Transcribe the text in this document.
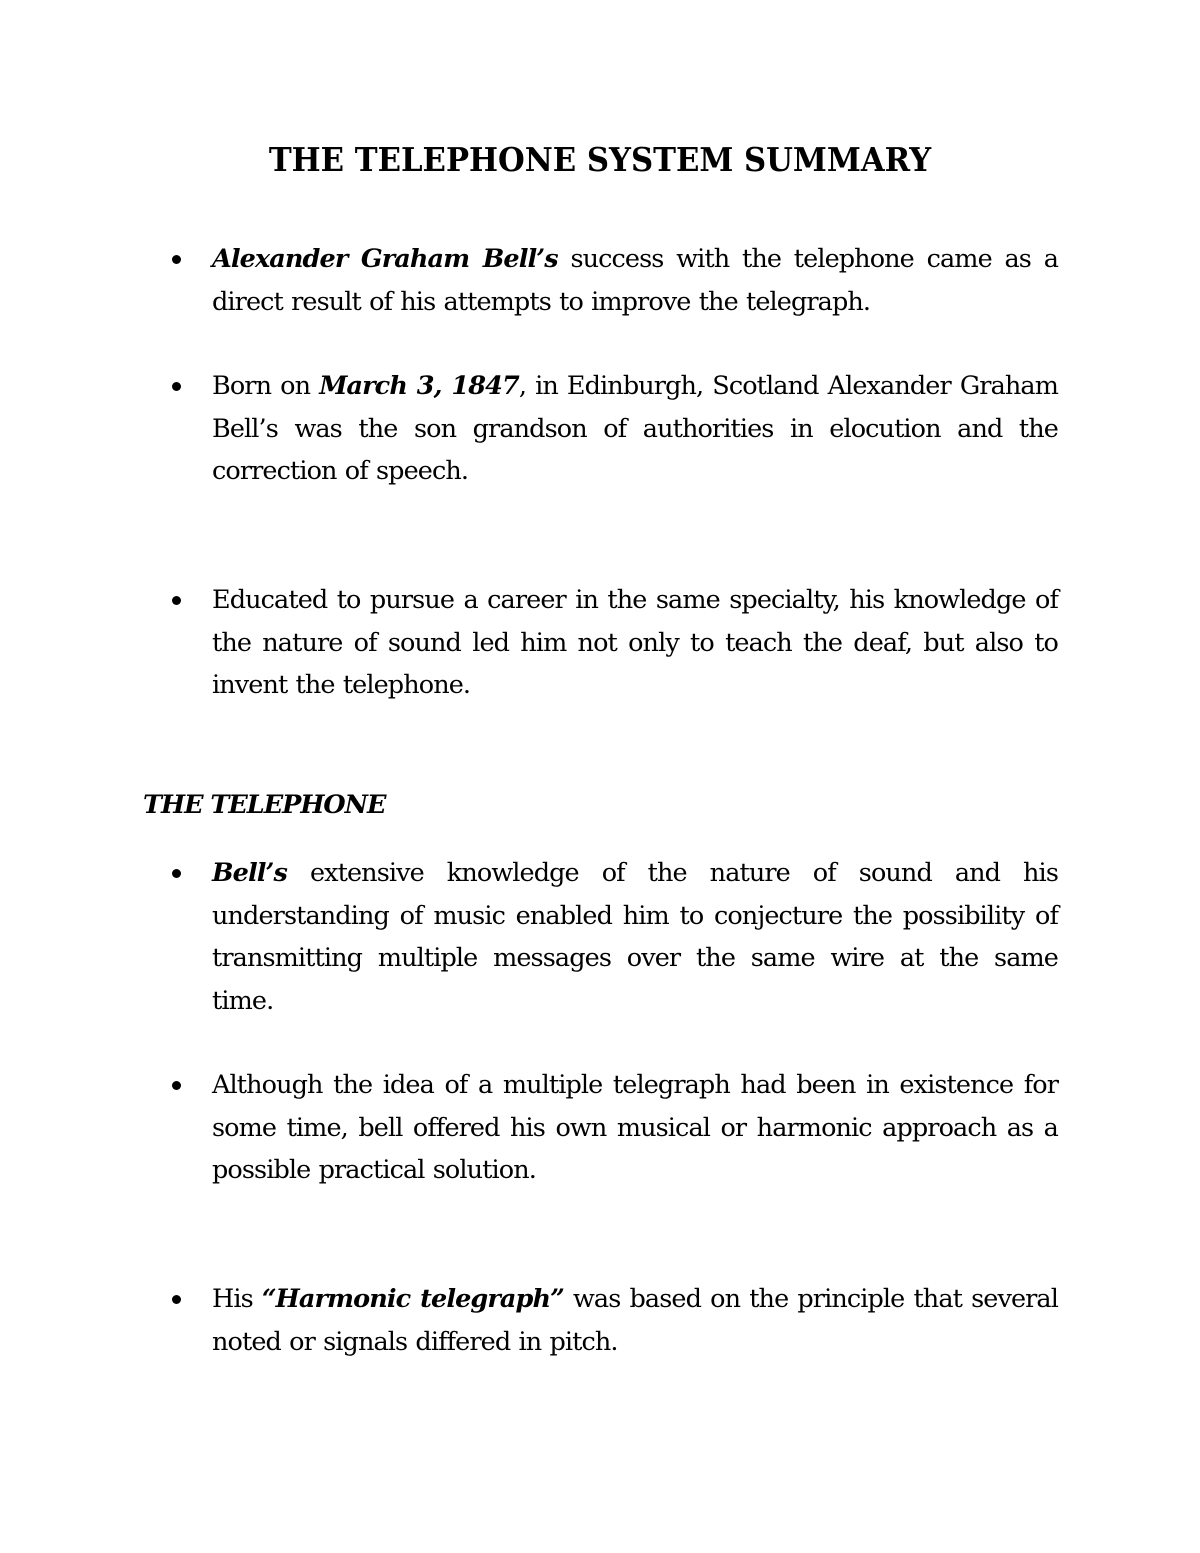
THE TELEPHONE SYSTEM SUMMARY

Alexander Graham Bell’s success with the telephone came as a direct result of his attempts to improve the telegraph.

Born on March 3, 1847, in Edinburgh, Scotland Alexander Graham Bell’s was the son grandson of authorities in elocution and the correction of speech.

Educated to pursue a career in the same specialty, his knowledge of the nature of sound led him not only to teach the deaf, but also to invent the telephone.

THE TELEPHONE

Bell’s extensive knowledge of the nature of sound and his understanding of music enabled him to conjecture the possibility of transmitting multiple messages over the same wire at the same time.

Although the idea of a multiple telegraph had been in existence for some time, bell offered his own musical or harmonic approach as a possible practical solution.

His “Harmonic telegraph” was based on the principle that several noted or signals differed in pitch.
